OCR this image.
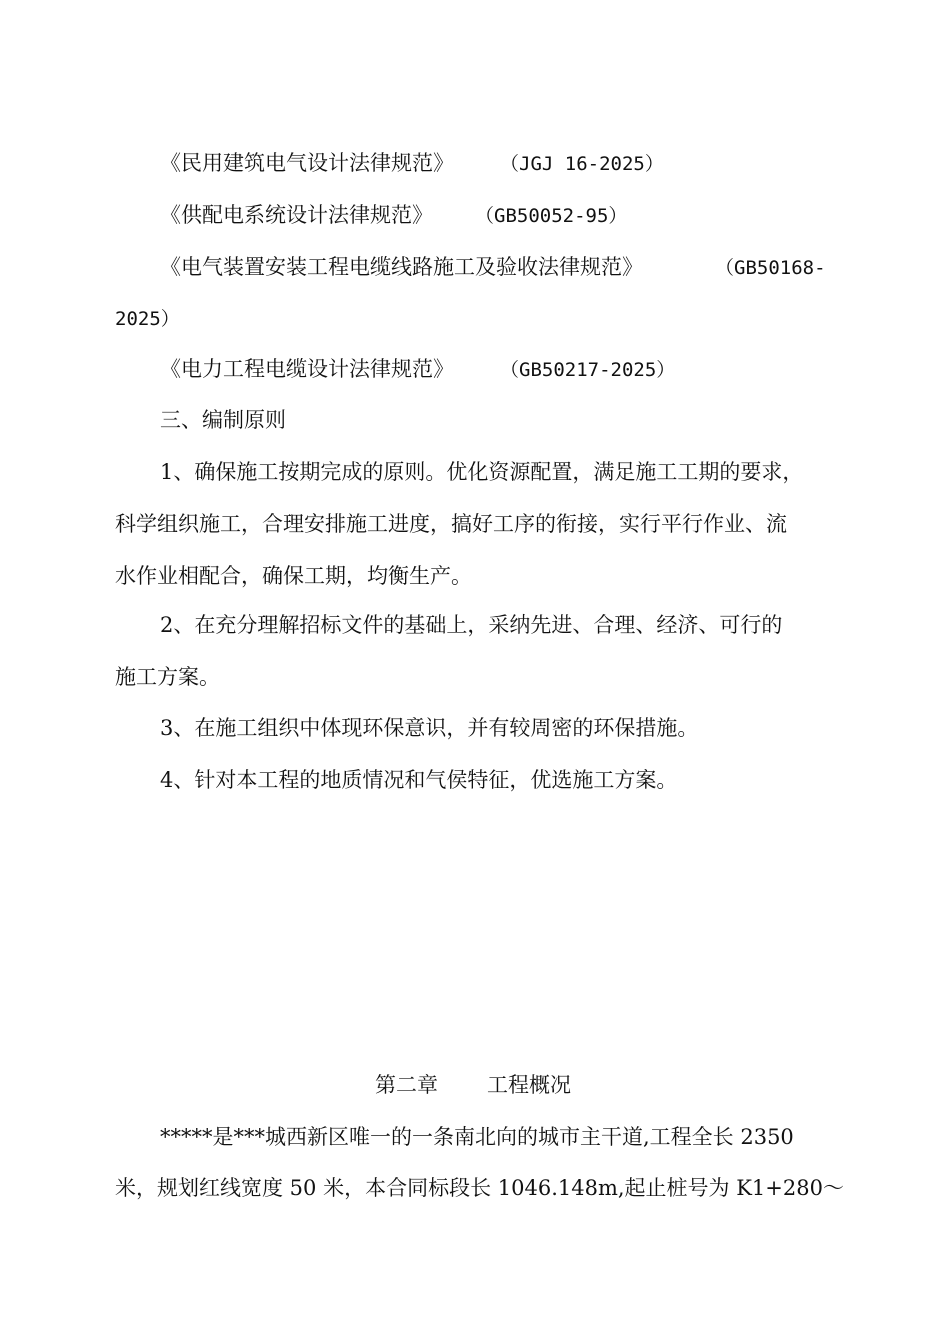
《民用建筑电气设计法律规范》 （JGJ 16-2025）
《供配电系统设计法律规范》 （GB50052-95）
《电气装置安装工程电缆线路施工及验收法律规范》	（GB50168-
2025）
《电力工程电缆设计法律规范》 （GB50217-2025）
三、编制原则
1、确保施工按期完成的原则。优化资源配置，满足施工工期的要求，
科学组织施工，合理安排施工进度，搞好工序的衔接，实行平行作业、流
水作业相配合，确保工期，均衡生产。
2、在充分理解招标文件的基础上，采纳先进、合理、经济、可行的
施工方案。
3、在施工组织中体现环保意识，并有较周密的环保措施。
4、针对本工程的地质情况和气侯特征，优选施工方案。
第二章 工程概况
*****是***城西新区唯一的一条南北向的城市主干道,工程全长 2350
米，规划红线宽度 50 米，本合同标段长 1046.148m,起止桩号为 K1+280～
